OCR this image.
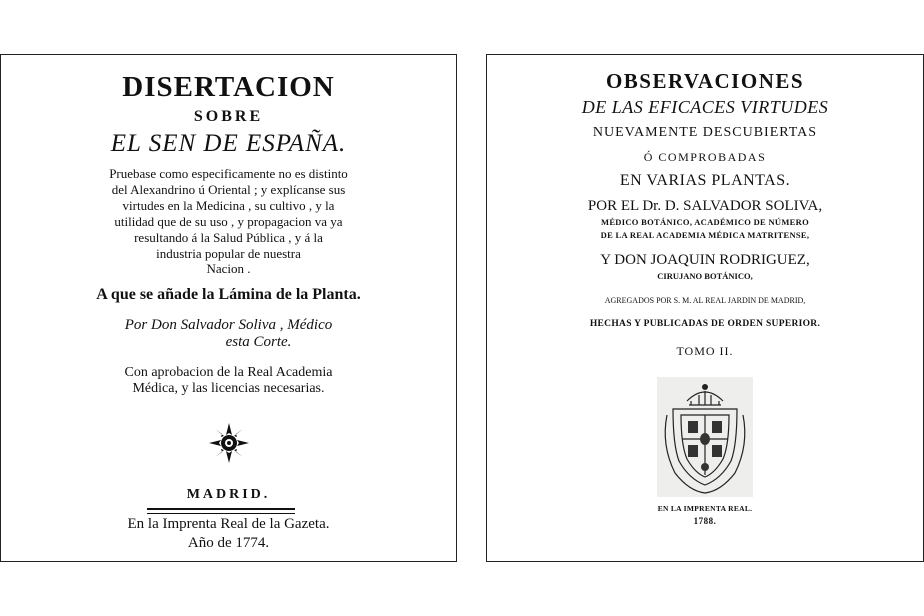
DISERTACION
SOBRE
EL SEN DE ESPAÑA.
Pruebase como especificamente no es distinto
del Alexandrino ú Oriental ; y explícanse sus
virtudes en la Medicina , su cultivo , y la
utilidad que de su uso , y propagacion va ya
resultando á la Salud Pública , y á la
industria popular de nuestra
Nacion .
A que se añade la Lámina de la Planta.
Por Don Salvador Soliva , Médico
esta Corte.
Con aprobacion de la Real Academia
Médica, y las licencias necesarias.
MADRID.
En la Imprenta Real de la Gazeta.
Año de 1774.
OBSERVACIONES
DE LAS EFICACES VIRTUDES
NUEVAMENTE DESCUBIERTAS
Ó COMPROBADAS
EN VARIAS PLANTAS.
POR EL Dr. D. SALVADOR SOLIVA,
MÉDICO BOTÁNICO, ACADÉMICO DE NÚMERO
DE LA REAL ACADEMIA MÉDICA MATRITENSE,
Y DON JOAQUIN RODRIGUEZ,
CIRUJANO BOTÁNICO,
AGREGADOS POR S. M. AL REAL JARDIN DE MADRID,
HECHAS Y PUBLICADAS DE ORDEN SUPERIOR.
TOMO II.
EN LA IMPRENTA REAL.
1788.
